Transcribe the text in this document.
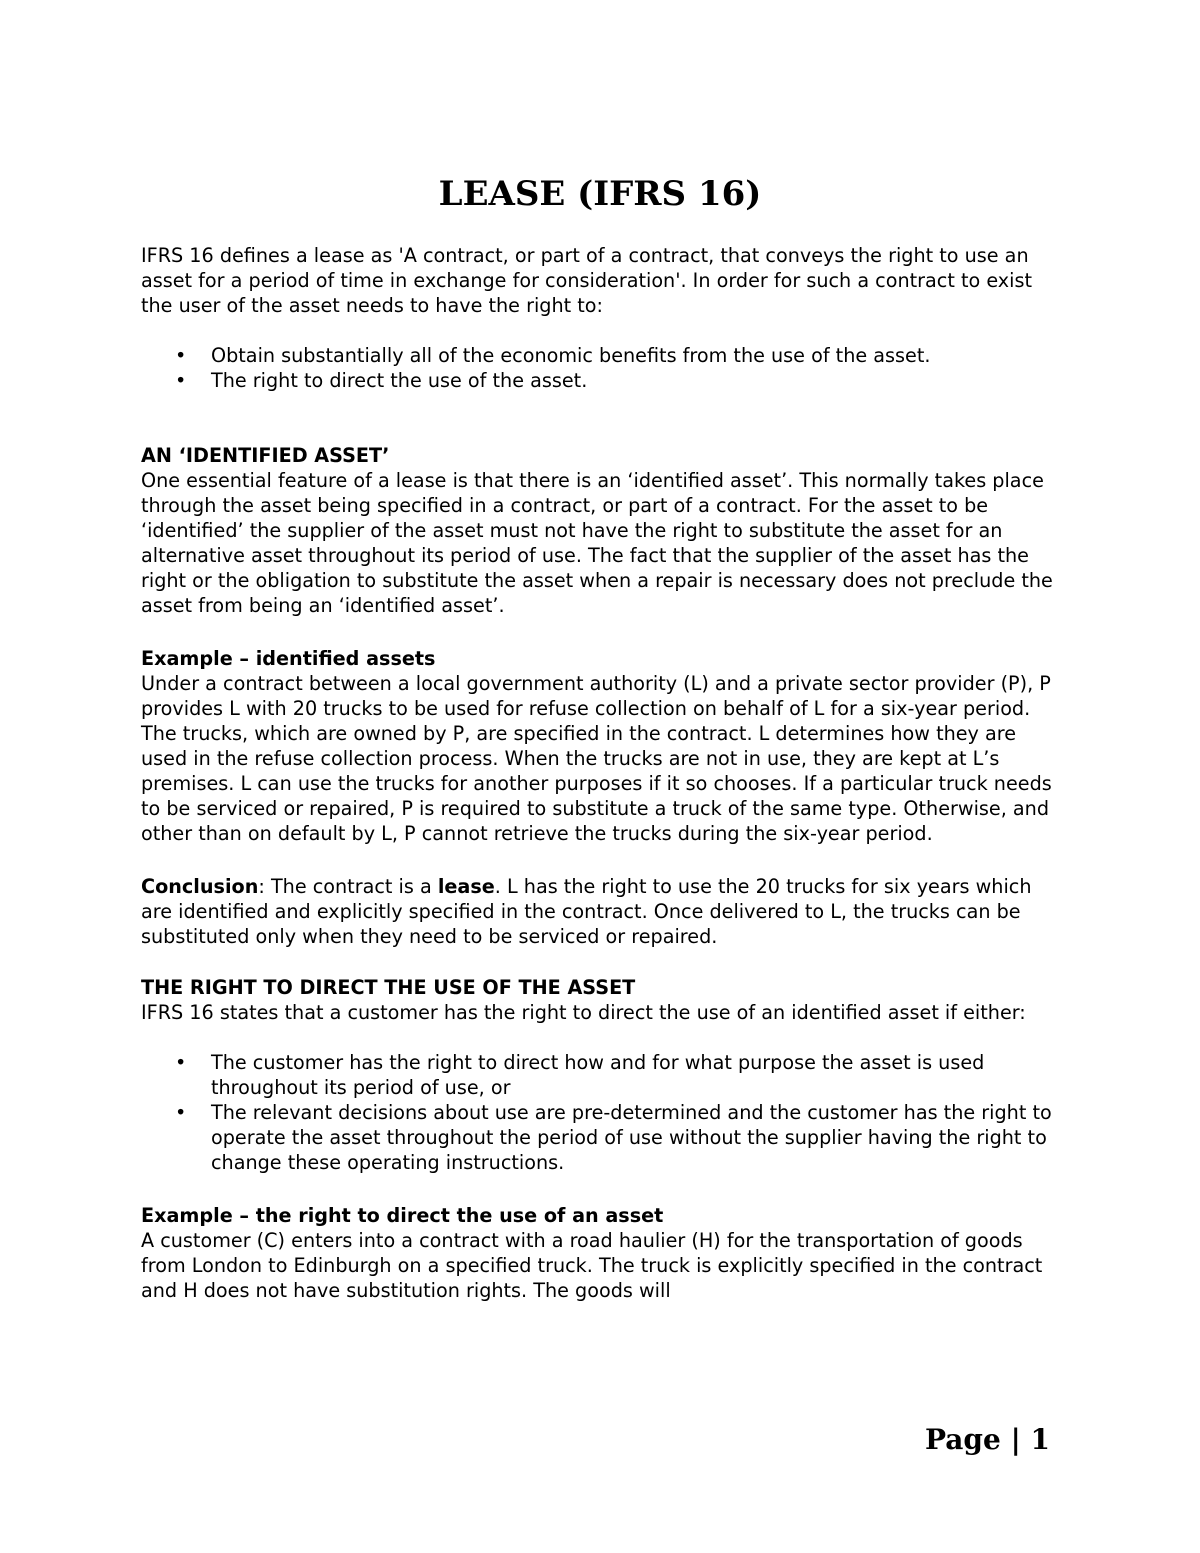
LEASE (IFRS 16)

IFRS 16 defines a lease as 'A contract, or part of a contract, that conveys the right to use an asset for a period of time in exchange for consideration'. In order for such a contract to exist the user of the asset needs to have the right to:

• Obtain substantially all of the economic benefits from the use of the asset.
• The right to direct the use of the asset.

AN ‘IDENTIFIED ASSET’

One essential feature of a lease is that there is an ‘identified asset’. This normally takes place through the asset being specified in a contract, or part of a contract. For the asset to be ‘identified’ the supplier of the asset must not have the right to substitute the asset for an alternative asset throughout its period of use. The fact that the supplier of the asset has the right or the obligation to substitute the asset when a repair is necessary does not preclude the asset from being an ‘identified asset’.

Example – identified assets

Under a contract between a local government authority (L) and a private sector provider (P), P provides L with 20 trucks to be used for refuse collection on behalf of L for a six-year period. The trucks, which are owned by P, are specified in the contract. L determines how they are used in the refuse collection process. When the trucks are not in use, they are kept at L’s premises. L can use the trucks for another purposes if it so chooses. If a particular truck needs to be serviced or repaired, P is required to substitute a truck of the same type. Otherwise, and other than on default by L, P cannot retrieve the trucks during the six-year period.

Conclusion: The contract is a lease. L has the right to use the 20 trucks for six years which are identified and explicitly specified in the contract. Once delivered to L, the trucks can be substituted only when they need to be serviced or repaired.

THE RIGHT TO DIRECT THE USE OF THE ASSET

IFRS 16 states that a customer has the right to direct the use of an identified asset if either:

• The customer has the right to direct how and for what purpose the asset is used throughout its period of use, or
• The relevant decisions about use are pre-determined and the customer has the right to operate the asset throughout the period of use without the supplier having the right to change these operating instructions.

Example – the right to direct the use of an asset

A customer (C) enters into a contract with a road haulier (H) for the transportation of goods from London to Edinburgh on a specified truck. The truck is explicitly specified in the contract and H does not have substitution rights. The goods will

Page | 1
